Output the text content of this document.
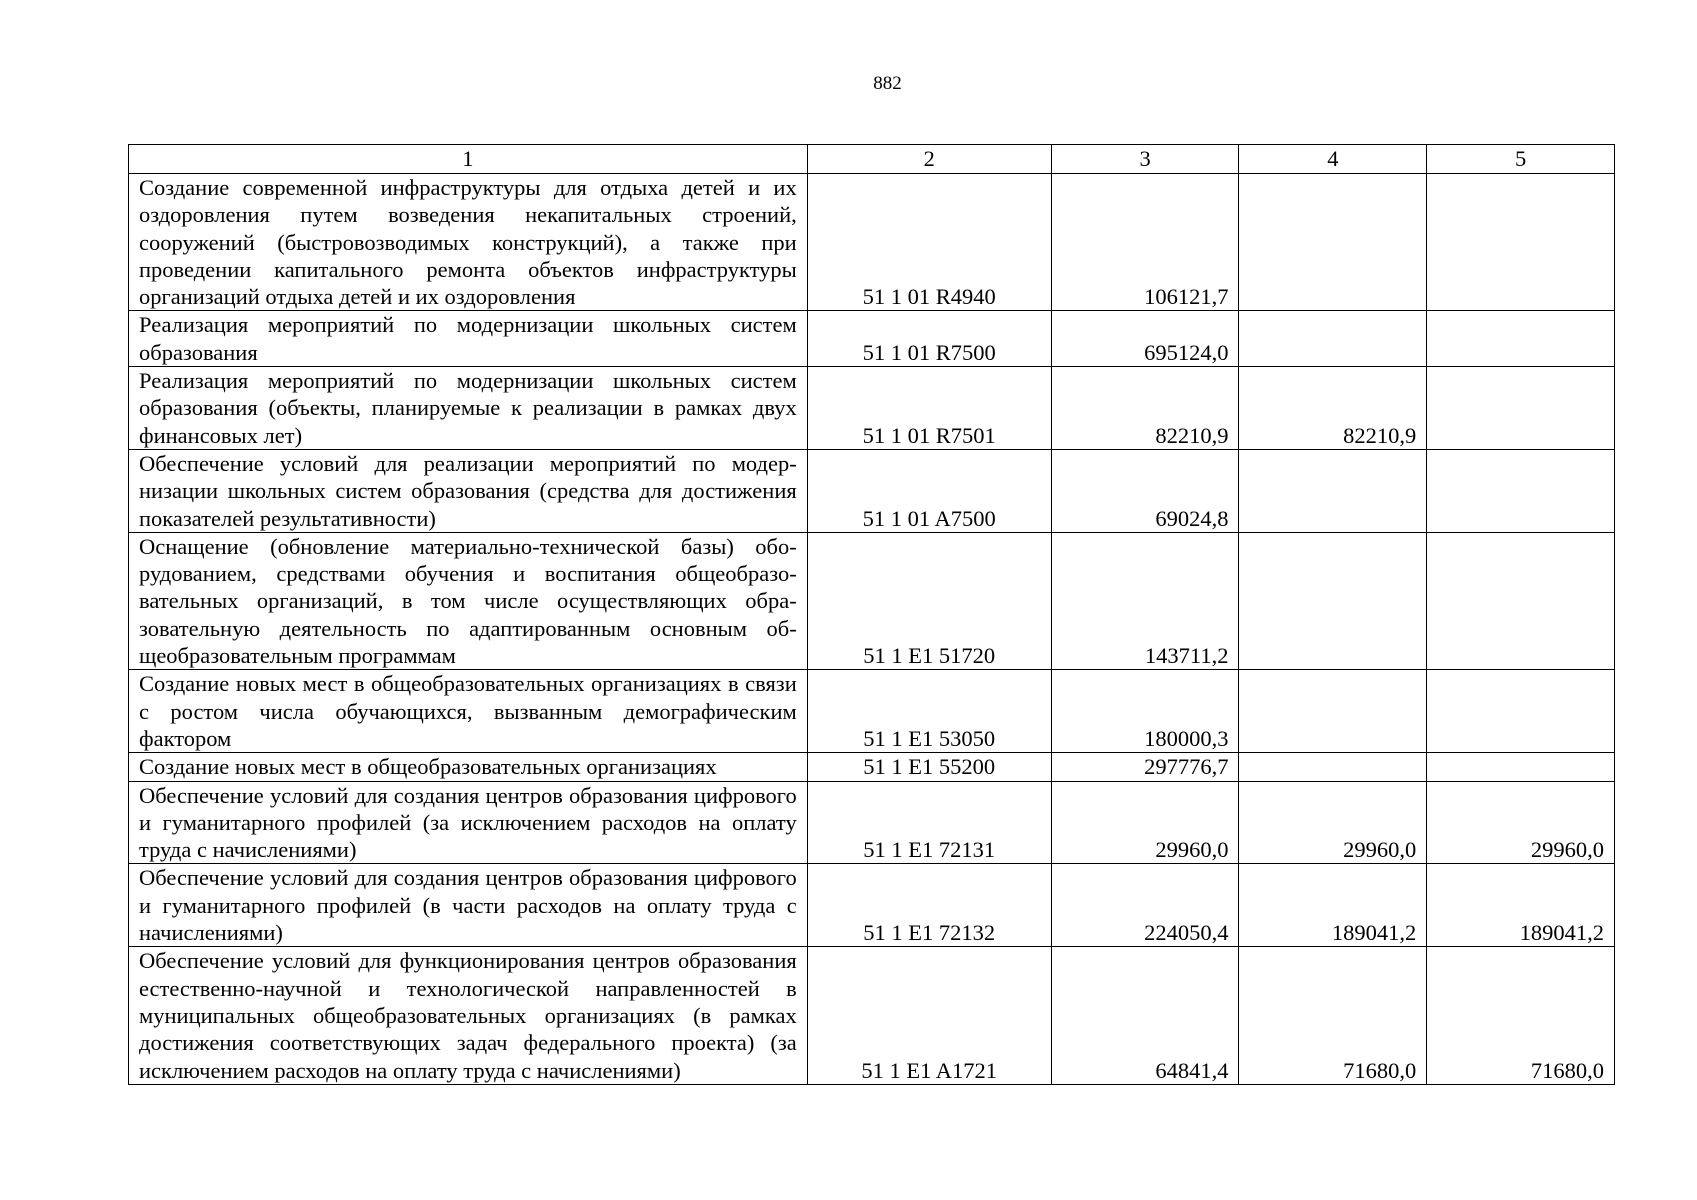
882
1	2	3	4	5
Создание современной инфраструктуры для отдыха детей и их оздоровления путем возведения некапитальных строений, сооружений (быстровозводимых конструкций), а также при проведении капитального ремонта объектов инфраструктуры организаций отдыха детей и их оздоровления	51 1 01 R4940	106121,7		
Реализация мероприятий по модернизации школьных систем образования	51 1 01 R7500	695124,0		
Реализация мероприятий по модернизации школьных систем образования (объекты, планируемые к реализации в рамках двух финансовых лет)	51 1 01 R7501	82210,9	82210,9	
Обеспечение условий для реализации мероприятий по модернизации школьных систем образования (средства для достижения показателей результативности)	51 1 01 A7500	69024,8		
Оснащение (обновление материально-технической базы) оборудованием, средствами обучения и воспитания общеобразовательных организаций, в том числе осуществляющих образовательную деятельность по адаптированным основным общеобразовательным программам	51 1 E1 51720	143711,2		
Создание новых мест в общеобразовательных организациях в связи с ростом числа обучающихся, вызванным демографическим фактором	51 1 E1 53050	180000,3		
Создание новых мест в общеобразовательных организациях	51 1 E1 55200	297776,7		
Обеспечение условий для создания центров образования цифрового и гуманитарного профилей (за исключением расходов на оплату труда с начислениями)	51 1 E1 72131	29960,0	29960,0	29960,0
Обеспечение условий для создания центров образования цифрового и гуманитарного профилей (в части расходов на оплату труда с начислениями)	51 1 E1 72132	224050,4	189041,2	189041,2
Обеспечение условий для функционирования центров образования естественно-научной и технологической направленностей в муниципальных общеобразовательных организациях (в рамках достижения соответствующих задач федерального проекта) (за исключением расходов на оплату труда с начислениями)	51 1 E1 A1721	64841,4	71680,0	71680,0
